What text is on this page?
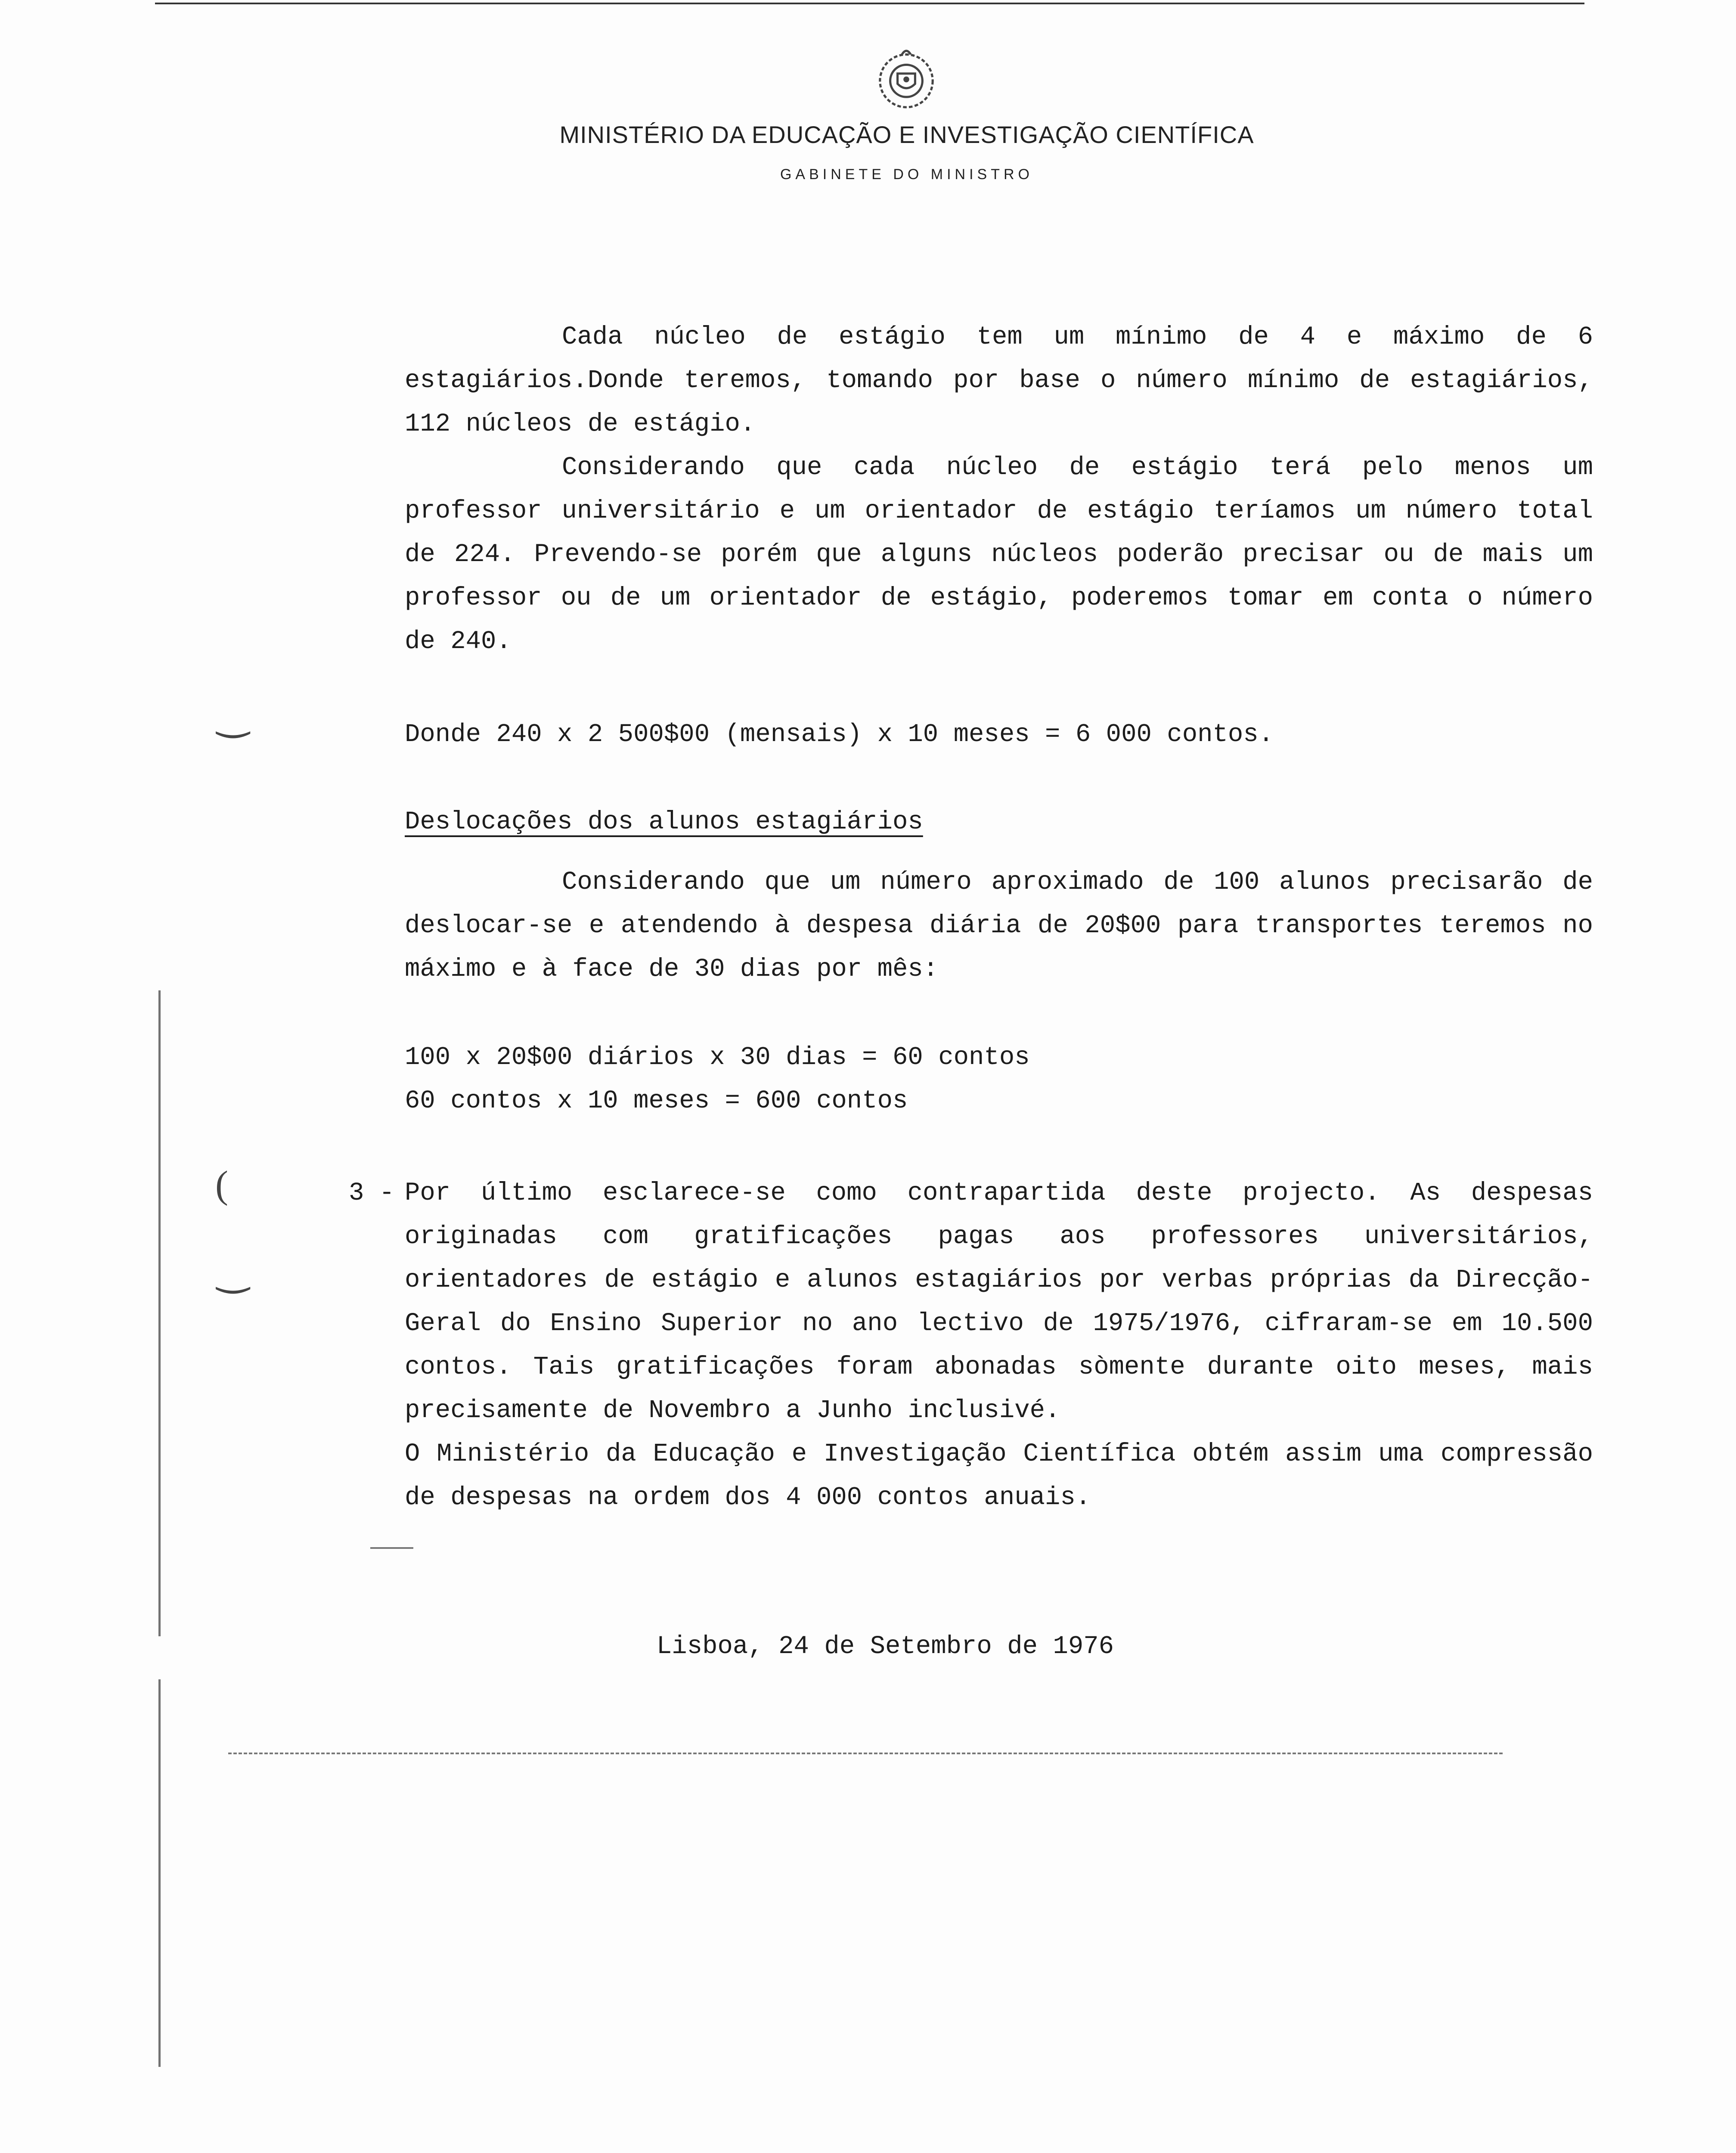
MINISTÉRIO DA EDUCAÇÃO E INVESTIGAÇÃO CIENTÍFICA
GABINETE DO MINISTRO

Cada núcleo de estágio tem um mínimo de 4 e máximo de 6 estagiários.Donde teremos, tomando por base o número mínimo de estagiários, 112 núcleos de estágio.

Considerando que cada núcleo de estágio terá pelo menos um professor universitário e um orientador de estágio teríamos um número total de 224. Prevendo-se porém que alguns núcleos poderão precisar ou de mais um professor ou de um orientador de estágio, poderemos tomar em conta o número de 240.

Donde 240 x 2 500$00 (mensais) x 10 meses = 6 000 contos.

Deslocações dos alunos estagiários

Considerando que um número aproximado de 100 alunos precisarão de deslocar-se e atendendo à despesa diária de 20$00 para transportes teremos no máximo e à face de 30 dias por mês:

100 x 20$00 diários x 30 dias = 60 contos

60 contos x 10 meses = 600 contos

3 - Por último esclarece-se como contrapartida deste projecto. As despesas originadas com gratificações pagas aos professores universitários, orientadores de estágio e alunos estagiários por verbas próprias da Direcção-Geral do Ensino Superior no ano lectivo de 1975/1976, cifraram-se em 10.500 contos. Tais gratificações foram abonadas sòmente durante oito meses, mais precisamente de Novembro a Junho inclusivé.

O Ministério da Educação e Investigação Científica obtém assim uma compressão de despesas na ordem dos 4 000 contos anuais.

Lisboa, 24 de Setembro de 1976
‿
(
‿
